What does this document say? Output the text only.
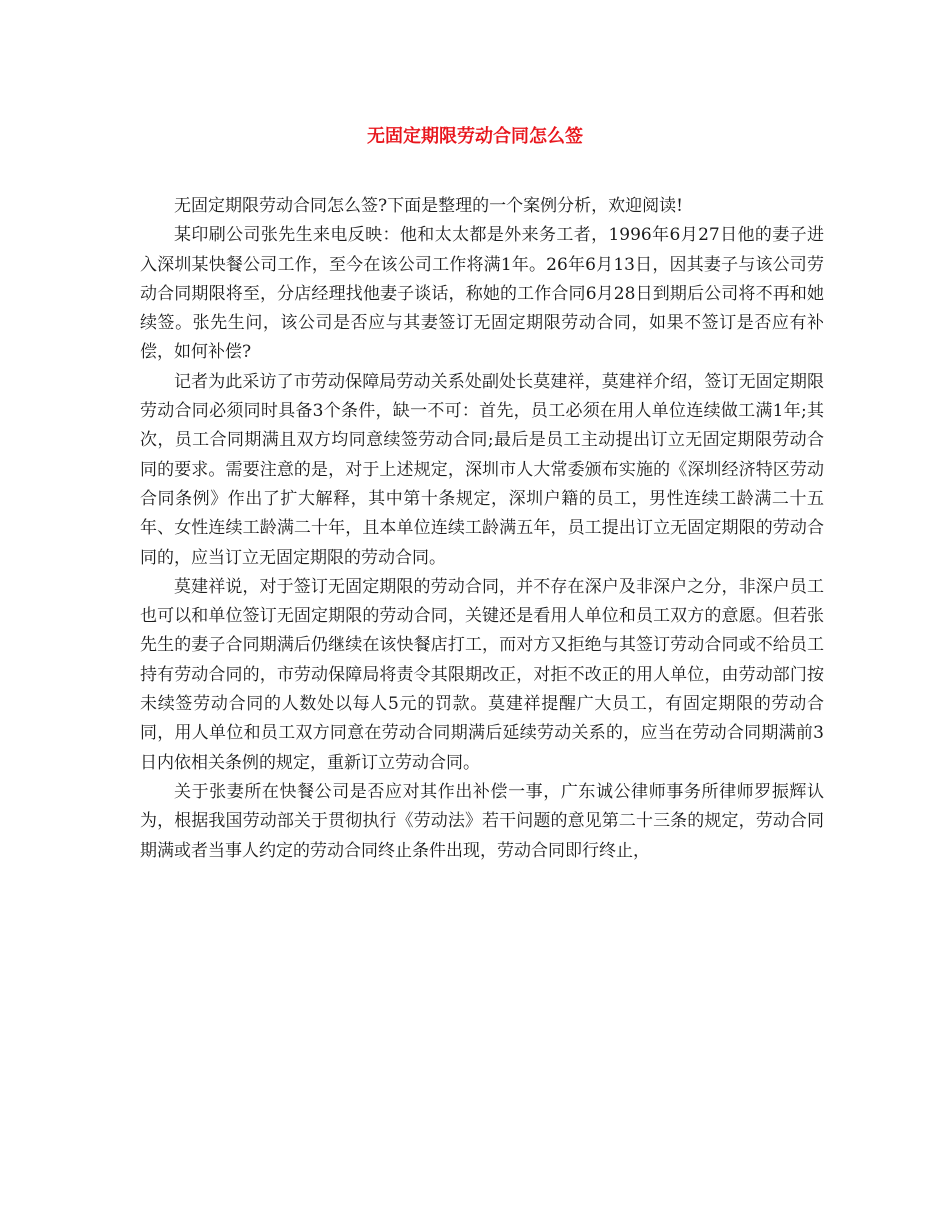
无固定期限劳动合同怎么签

无固定期限劳动合同怎么签?下面是整理的一个案例分析，欢迎阅读!

某印刷公司张先生来电反映：他和太太都是外来务工者，1996年6月27日他的妻子进入深圳某快餐公司工作，至今在该公司工作将满1年。26年6月13日，因其妻子与该公司劳动合同期限将至，分店经理找他妻子谈话，称她的工作合同6月28日到期后公司将不再和她续签。张先生问，该公司是否应与其妻签订无固定期限劳动合同，如果不签订是否应有补偿，如何补偿?

记者为此采访了市劳动保障局劳动关系处副处长莫建祥，莫建祥介绍，签订无固定期限劳动合同必须同时具备3个条件，缺一不可：首先，员工必须在用人单位连续做工满1年;其次，员工合同期满且双方均同意续签劳动合同;最后是员工主动提出订立无固定期限劳动合同的要求。需要注意的是，对于上述规定，深圳市人大常委颁布实施的《深圳经济特区劳动合同条例》作出了扩大解释，其中第十条规定，深圳户籍的员工，男性连续工龄满二十五年、女性连续工龄满二十年，且本单位连续工龄满五年，员工提出订立无固定期限的劳动合同的，应当订立无固定期限的劳动合同。

莫建祥说，对于签订无固定期限的劳动合同，并不存在深户及非深户之分，非深户员工也可以和单位签订无固定期限的劳动合同，关键还是看用人单位和员工双方的意愿。但若张先生的妻子合同期满后仍继续在该快餐店打工，而对方又拒绝与其签订劳动合同或不给员工持有劳动合同的，市劳动保障局将责令其限期改正，对拒不改正的用人单位，由劳动部门按未续签劳动合同的人数处以每人5元的罚款。莫建祥提醒广大员工，有固定期限的劳动合同，用人单位和员工双方同意在劳动合同期满后延续劳动关系的，应当在劳动合同期满前3日内依相关条例的规定，重新订立劳动合同。

关于张妻所在快餐公司是否应对其作出补偿一事，广东诚公律师事务所律师罗振辉认为，根据我国劳动部关于贯彻执行《劳动法》若干问题的意见第二十三条的规定，劳动合同期满或者当事人约定的劳动合同终止条件出现，劳动合同即行终止，
